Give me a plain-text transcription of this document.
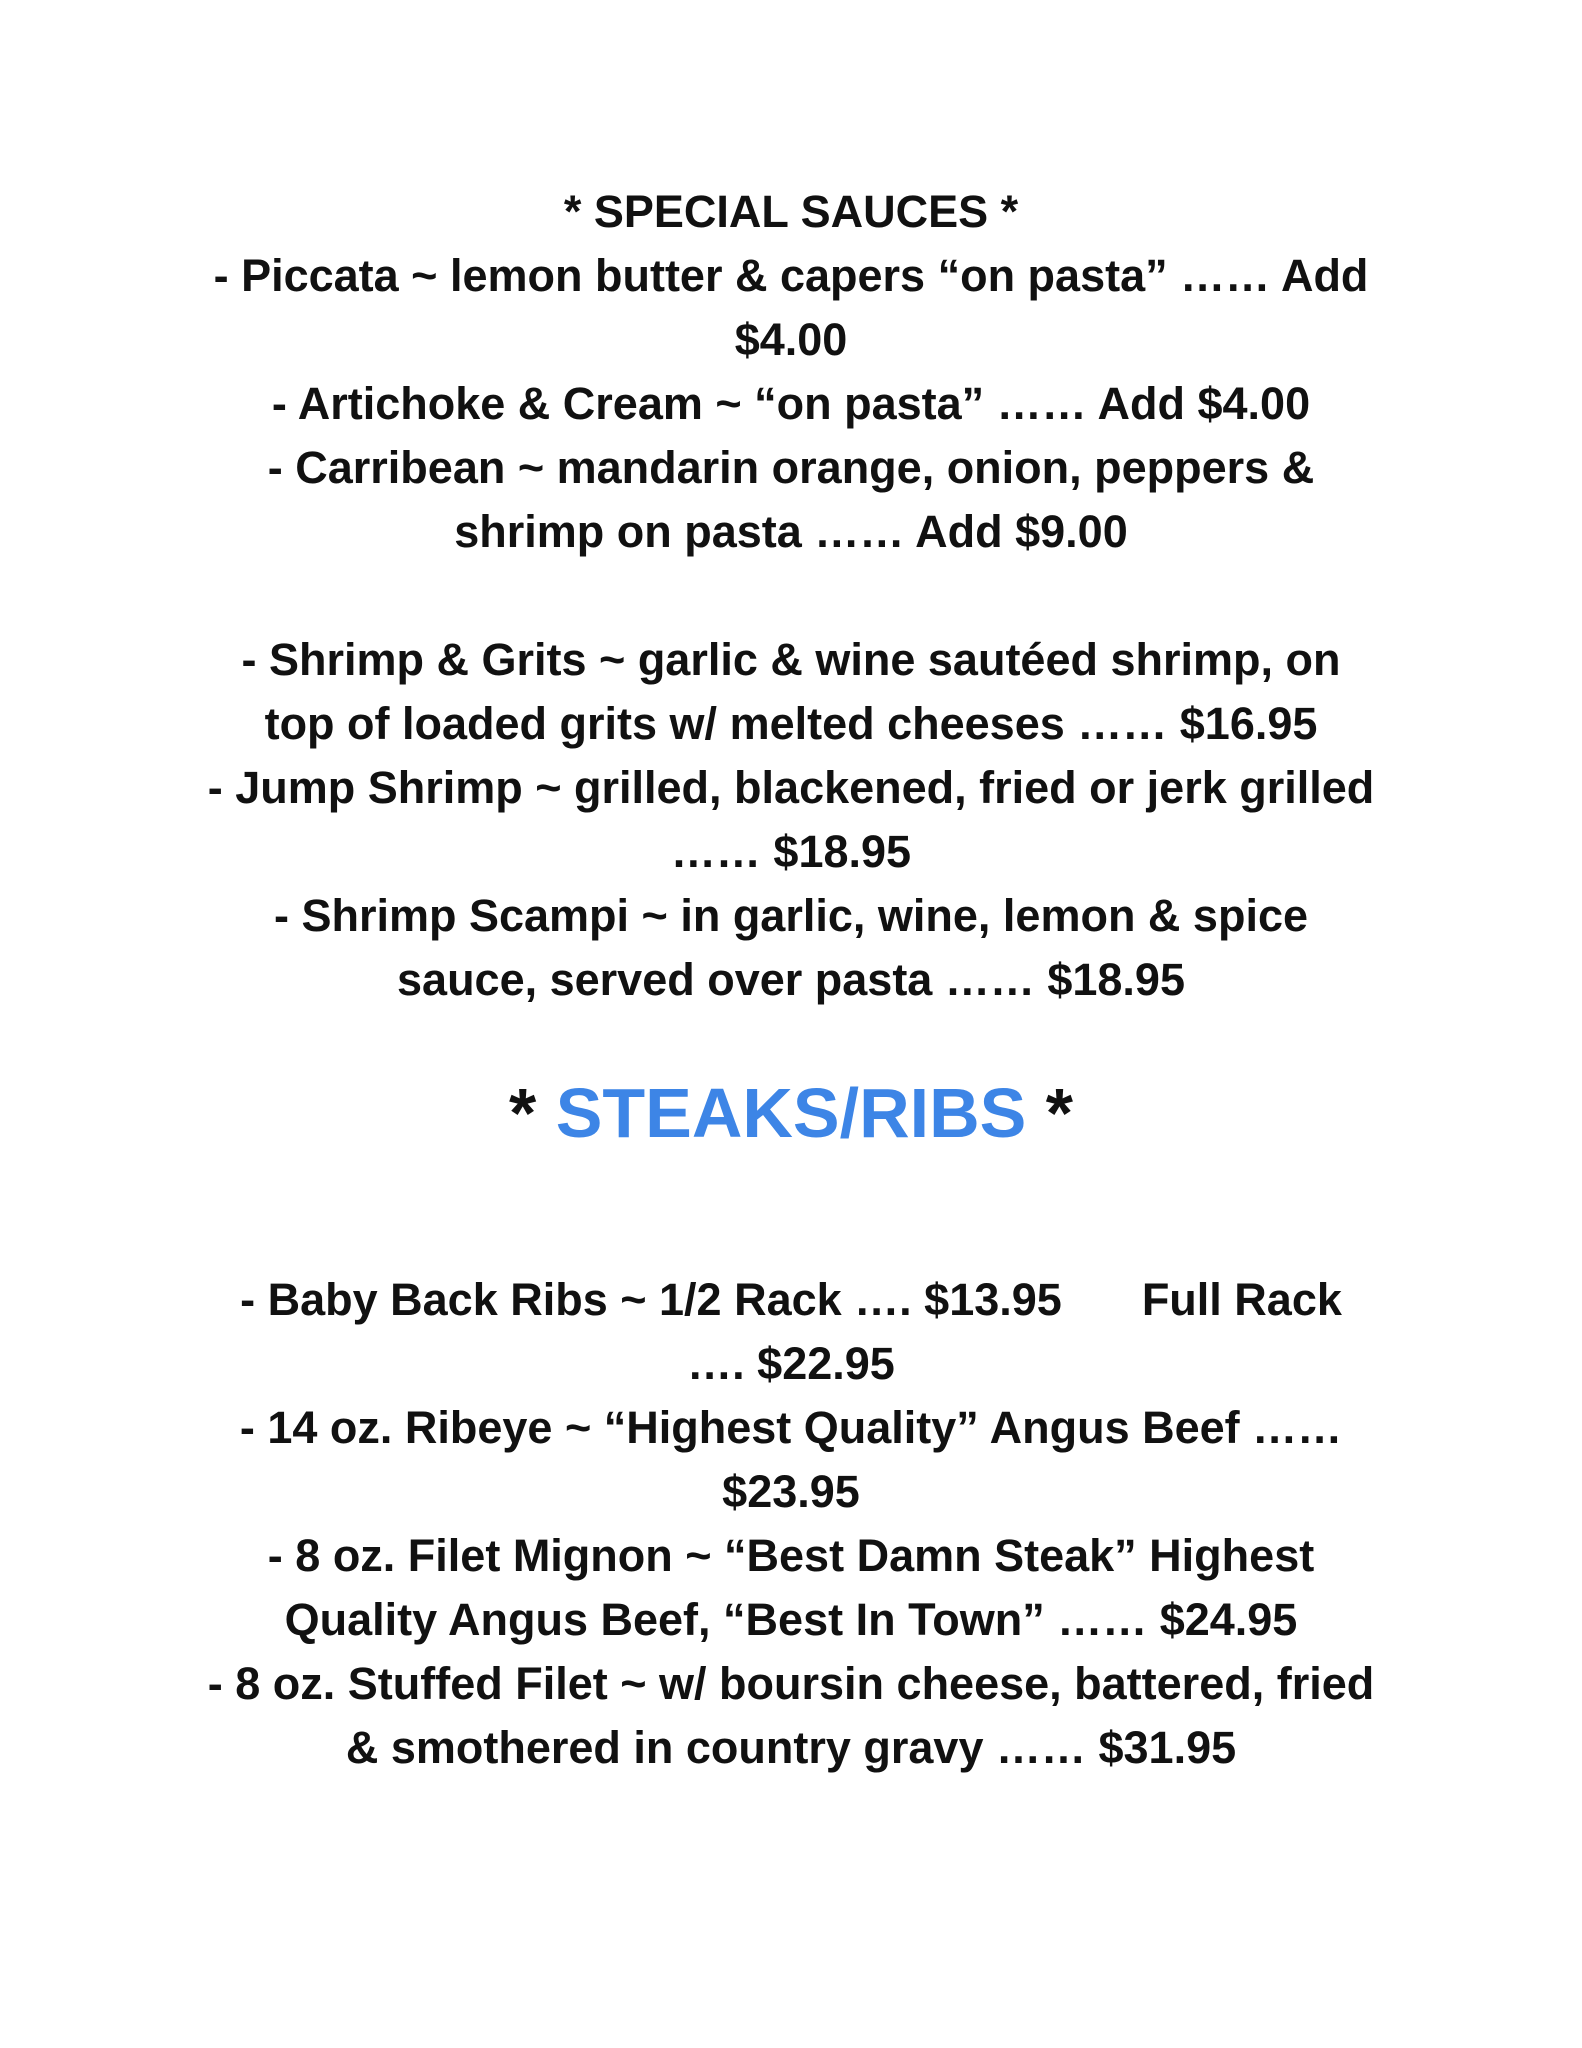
* SPECIAL SAUCES *
- Piccata ~ lemon butter & capers “on pasta” …… Add
$4.00
- Artichoke & Cream ~ “on pasta” …… Add $4.00
- Carribean ~ mandarin orange, onion, peppers &
shrimp on pasta …… Add $9.00
- Shrimp & Grits ~ garlic & wine sautéed shrimp, on
top of loaded grits w/ melted cheeses …… $16.95
- Jump Shrimp ~ grilled, blackened, fried or jerk grilled
…… $18.95
- Shrimp Scampi ~ in garlic, wine, lemon & spice
sauce, served over pasta …… $18.95
* STEAKS/RIBS *
- Baby Back Ribs ~ 1/2 Rack …. $13.95 Full Rack
…. $22.95
- 14 oz. Ribeye ~ “Highest Quality” Angus Beef ……
$23.95
- 8 oz. Filet Mignon ~ “Best Damn Steak” Highest
Quality Angus Beef, “Best In Town” …… $24.95
- 8 oz. Stuffed Filet ~ w/ boursin cheese, battered, fried
& smothered in country gravy …… $31.95
